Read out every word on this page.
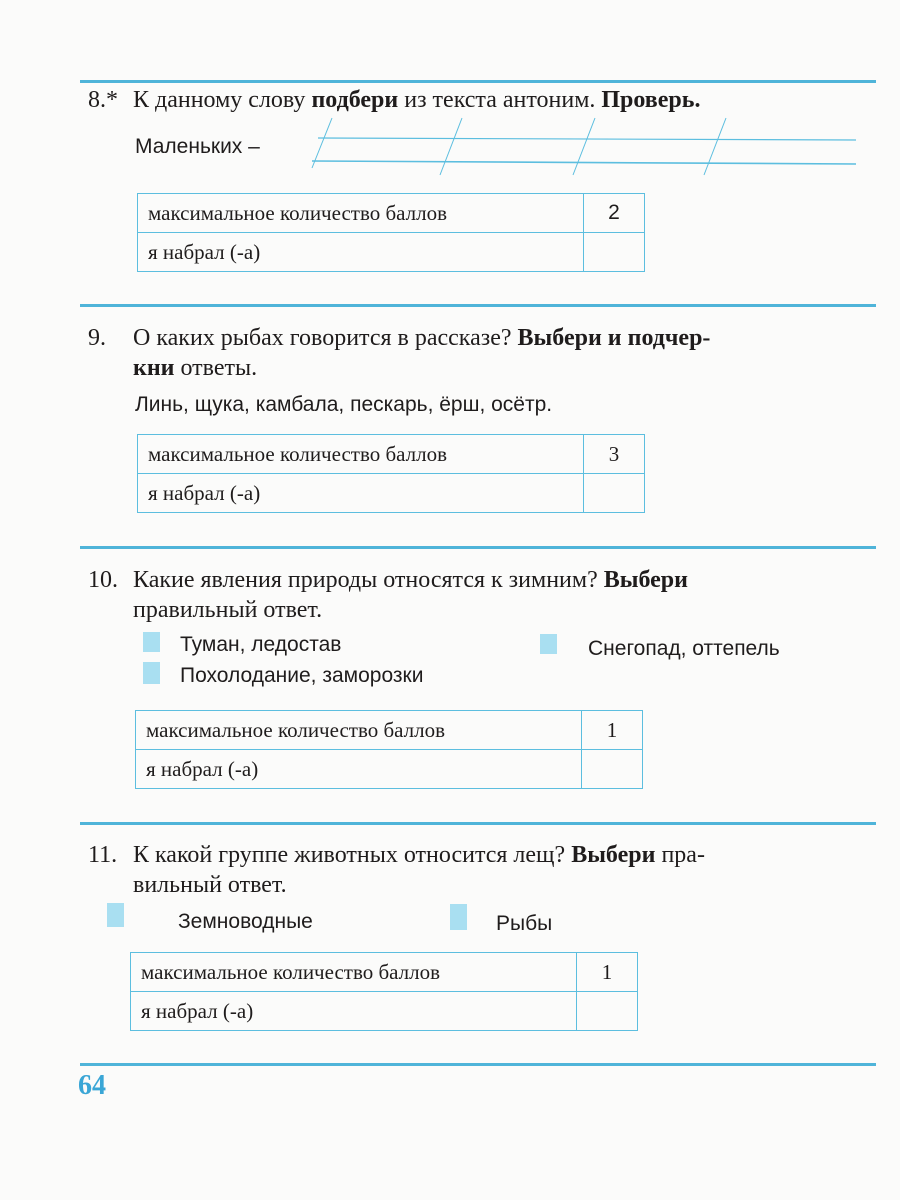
8.* К данному слову подбери из текста антоним. Проверь.
Маленьких –
максимальное количество баллов	2
я набрал (-а)	
9. О каких рыбах говорится в рассказе? Выбери и подчер-
кни ответы.
Линь, щука, камбала, пескарь, ёрш, осётр.
максимальное количество баллов	3
я набрал (-а)	
10. Какие явления природы относятся к зимним? Выбери
правильный ответ.
Туман, ледостав	Снегопад, оттепель
Похолодание, заморозки
максимальное количество баллов	1
я набрал (-а)	
11. К какой группе животных относится лещ? Выбери пра-
вильный ответ.
Земноводные	Рыбы
максимальное количество баллов	1
я набрал (-а)	
64
